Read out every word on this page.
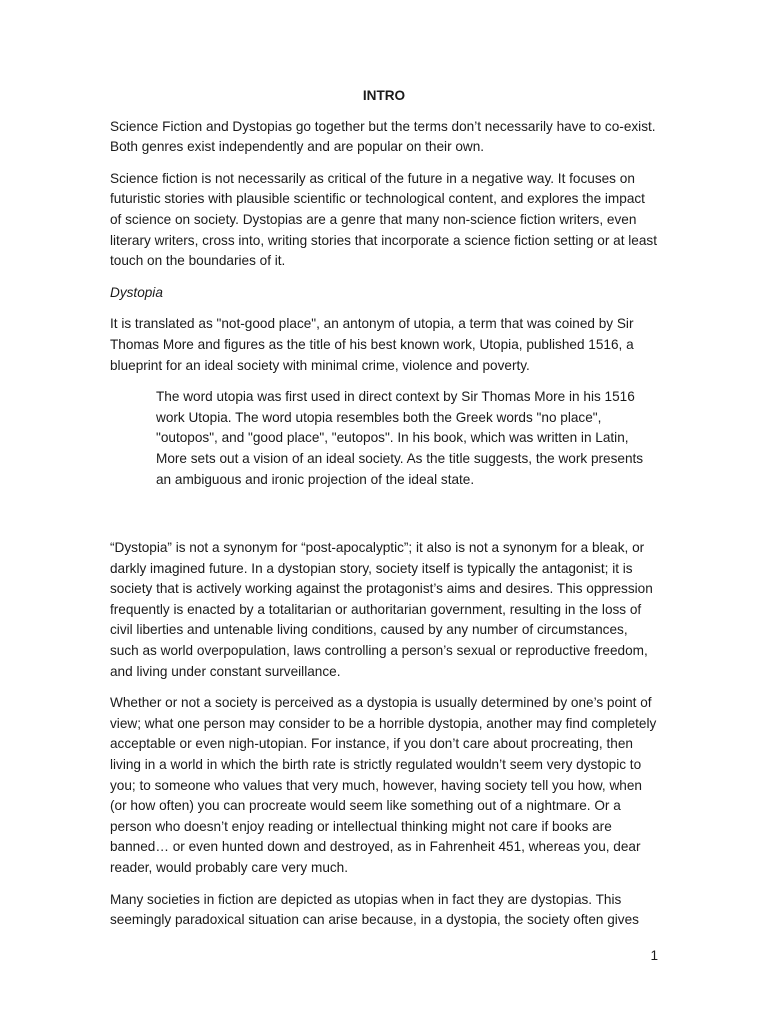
INTRO

Science Fiction and Dystopias go together but the terms don’t necessarily have to co-exist. Both genres exist independently and are popular on their own.

Science fiction is not necessarily as critical of the future in a negative way. It focuses on futuristic stories with plausible scientific or technological content, and explores the impact of science on society. Dystopias are a genre that many non-science fiction writers, even literary writers, cross into, writing stories that incorporate a science fiction setting or at least touch on the boundaries of it.

Dystopia

It is translated as "not-good place", an antonym of utopia, a term that was coined by Sir Thomas More and figures as the title of his best known work, Utopia, published 1516, a blueprint for an ideal society with minimal crime, violence and poverty.

The word utopia was first used in direct context by Sir Thomas More in his 1516 work Utopia. The word utopia resembles both the Greek words "no place", "outopos", and "good place", "eutopos". In his book, which was written in Latin, More sets out a vision of an ideal society. As the title suggests, the work presents an ambiguous and ironic projection of the ideal state.

“Dystopia” is not a synonym for “post-apocalyptic”; it also is not a synonym for a bleak, or darkly imagined future. In a dystopian story, society itself is typically the antagonist; it is society that is actively working against the protagonist’s aims and desires. This oppression frequently is enacted by a totalitarian or authoritarian government, resulting in the loss of civil liberties and untenable living conditions, caused by any number of circumstances, such as world overpopulation, laws controlling a person’s sexual or reproductive freedom, and living under constant surveillance.

Whether or not a society is perceived as a dystopia is usually determined by one’s point of view; what one person may consider to be a horrible dystopia, another may find completely acceptable or even nigh-utopian. For instance, if you don’t care about procreating, then living in a world in which the birth rate is strictly regulated wouldn’t seem very dystopic to you; to someone who values that very much, however, having society tell you how, when (or how often) you can procreate would seem like something out of a nightmare. Or a person who doesn’t enjoy reading or intellectual thinking might not care if books are banned… or even hunted down and destroyed, as in Fahrenheit 451, whereas you, dear reader, would probably care very much.

Many societies in fiction are depicted as utopias when in fact they are dystopias. This seemingly paradoxical situation can arise because, in a dystopia, the society often gives

1
